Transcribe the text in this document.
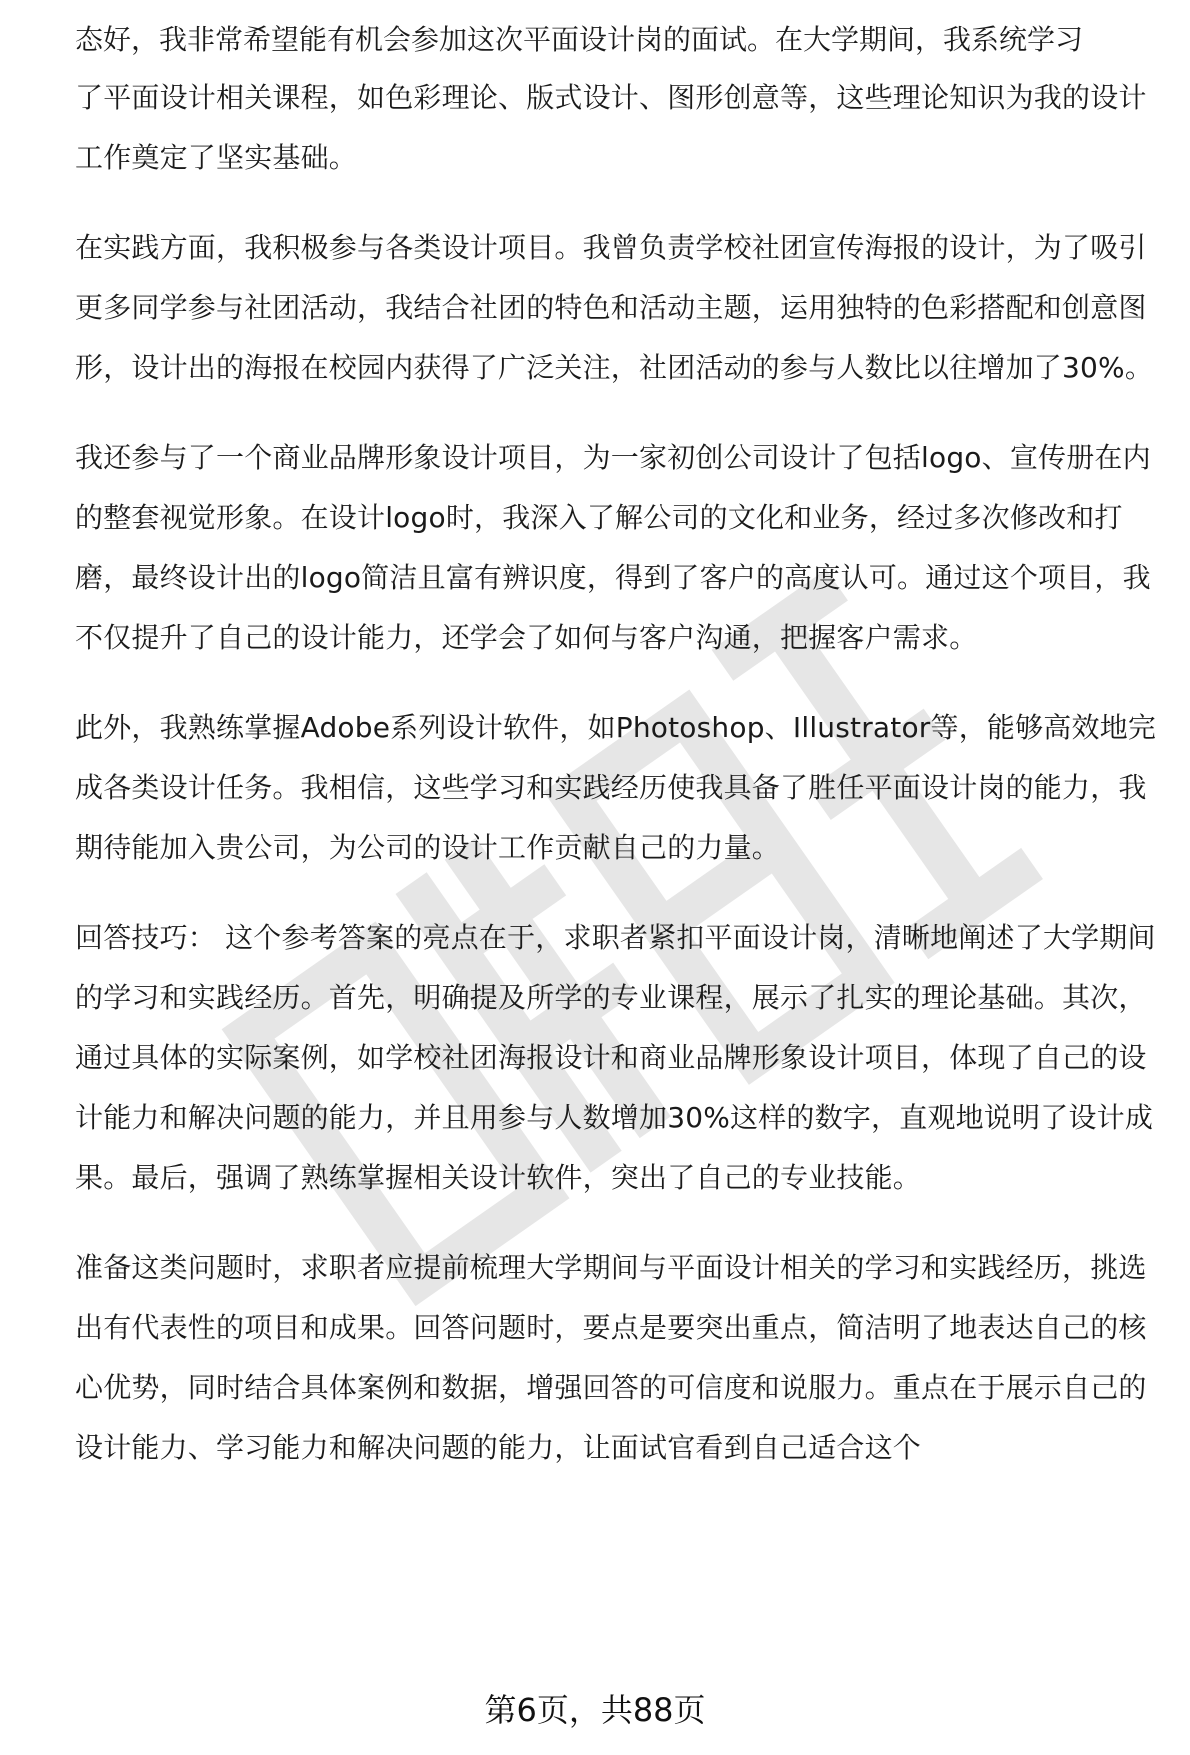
态好，我非常希望能有机会参加这次平面设计岗的面试。在大学期间，我系统学习

了平面设计相关课程，如色彩理论、版式设计、图形创意等，这些理论知识为我的设计工作奠定了坚实基础。

在实践方面，我积极参与各类设计项目。我曾负责学校社团宣传海报的设计，为了吸引更多同学参与社团活动，我结合社团的特色和活动主题，运用独特的色彩搭配和创意图形，设计出的海报在校园内获得了广泛关注，社团活动的参与人数比以往增加了30%。

我还参与了一个商业品牌形象设计项目，为一家初创公司设计了包括logo、宣传册在内的整套视觉形象。在设计logo时，我深入了解公司的文化和业务，经过多次修改和打磨，最终设计出的logo简洁且富有辨识度，得到了客户的高度认可。通过这个项目，我不仅提升了自己的设计能力，还学会了如何与客户沟通，把握客户需求。

此外，我熟练掌握Adobe系列设计软件，如Photoshop、Illustrator等，能够高效地完成各类设计任务。我相信，这些学习和实践经历使我具备了胜任平面设计岗的能力，我期待能加入贵公司，为公司的设计工作贡献自己的力量。

回答技巧： 这个参考答案的亮点在于，求职者紧扣平面设计岗，清晰地阐述了大学期间的学习和实践经历。首先，明确提及所学的专业课程，展示了扎实的理论基础。其次，通过具体的实际案例，如学校社团海报设计和商业品牌形象设计项目，体现了自己的设计能力和解决问题的能力，并且用参与人数增加30%这样的数字，直观地说明了设计成果。最后，强调了熟练掌握相关设计软件，突出了自己的专业技能。

准备这类问题时，求职者应提前梳理大学期间与平面设计相关的学习和实践经历，挑选出有代表性的项目和成果。回答问题时，要点是要突出重点，简洁明了地表达自己的核心优势，同时结合具体案例和数据，增强回答的可信度和说服力。重点在于展示自己的设计能力、学习能力和解决问题的能力，让面试官看到自己适合这个

第6页，共88页
